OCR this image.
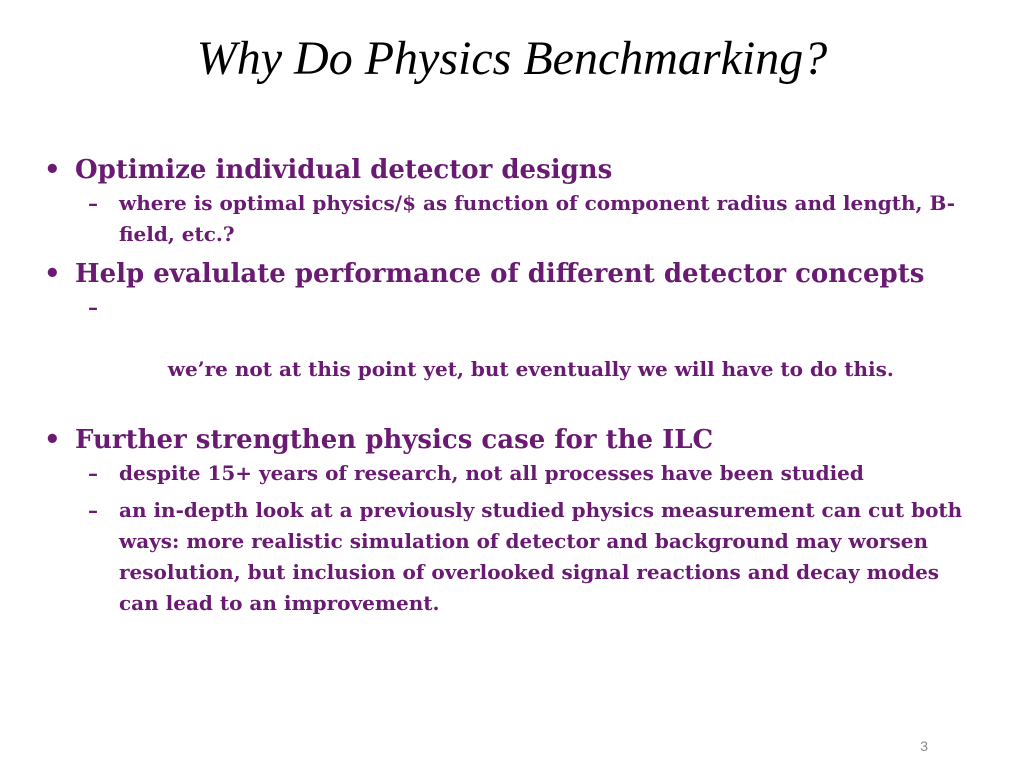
Why Do Physics Benchmarking?
• Optimize individual detector designs
– where is optimal physics/$ as function of component radius and length, B-field, etc.?
• Help evalulate performance of different detector concepts

–

we’re not at this point yet, but eventually we will have to do this.

• Further strengthen physics case for the ILC
– despite 15+ years of research, not all processes have been studied
– an in-depth look at a previously studied physics measurement can cut both ways: more realistic simulation of detector and background may worsen resolution, but inclusion of overlooked signal reactions and decay modes can lead to an improvement.
3
